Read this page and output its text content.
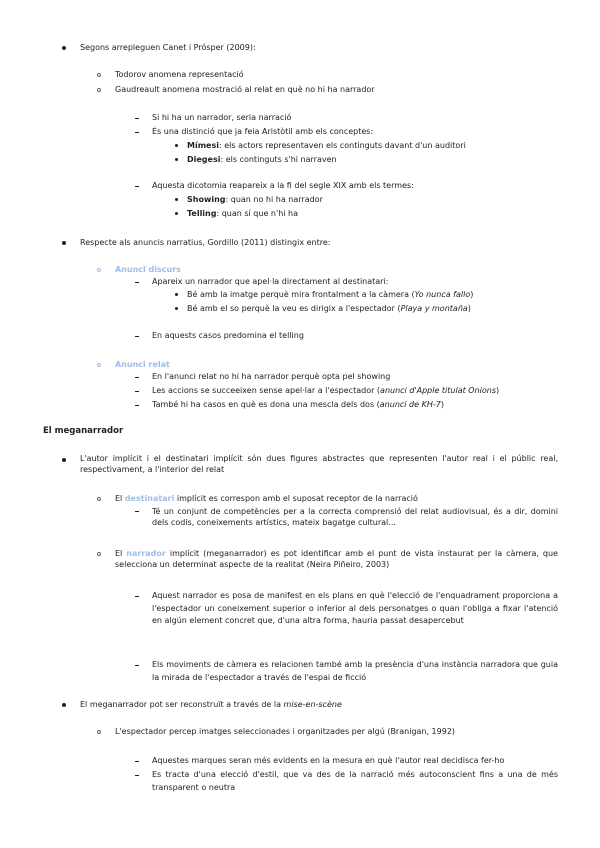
Segons arrepleguen Canet i Prósper (2009):
Todorov anomena representació
Gaudreault anomena mostració al relat en què no hi ha narrador
Si hi ha un narrador, seria narració
És una distinció que ja feia Aristòtil amb els conceptes:
Mímesi: els actors representaven els continguts davant d'un auditori
Diegesi: els continguts s'hi narraven
Aquesta dicotomia reapareix a la fi del segle XIX amb els termes:
Showing: quan no hi ha narrador
Telling: quan sí que n'hi ha
Respecte als anuncis narratius, Gordillo (2011) distingix entre:
Anunci discurs
Apareix un narrador que apel·la directament al destinatari:
Bé amb la imatge perquè mira frontalment a la càmera (Yo nunca fallo)
Bé amb el so perquè la veu es dirigix a l'espectador (Playa y montaña)
En aquests casos predomina el telling
Anunci relat
En l'anunci relat no hi ha narrador perquè opta pel showing
Les accions se succeeixen sense apel·lar a l'espectador (anunci d'Apple titulat Onions)
També hi ha casos en què es dona una mescla dels dos (anunci de KH-7)
El meganarrador
L'autor implícit i el destinatari implícit són dues figures abstractes que representen l'autor real i el públic real, respectivament, a l'interior del relat
El destinatari implícit es correspon amb el suposat receptor de la narració
Té un conjunt de competències per a la correcta comprensió del relat audiovisual, és a dir, domini dels codis, coneixements artístics, mateix bagatge cultural...
El narrador implícit (meganarrador) es pot identificar amb el punt de vista instaurat per la càmera, que selecciona un determinat aspecte de la realitat (Neira Piñeiro, 2003)
Aquest narrador es posa de manifest en els plans en què l'elecció de l'enquadrament proporciona a l'espectador un coneixement superior o inferior al dels personatges o quan l'obliga a fixar l'atenció en algún element concret que, d'una altra forma, hauria passat desapercebut
Els moviments de càmera es relacionen també amb la presència d'una instància narradora que guia la mirada de l'espectador a través de l'espai de ficció
El meganarrador pot ser reconstruït a través de la mise-en-scène
L'espectador percep imatges seleccionades i organitzades per algú (Branigan, 1992)
Aquestes marques seran més evidents en la mesura en què l'autor real decidisca fer-ho
Es tracta d'una elecció d'estil, que va des de la narració més autoconscient fins a una de més transparent o neutra
